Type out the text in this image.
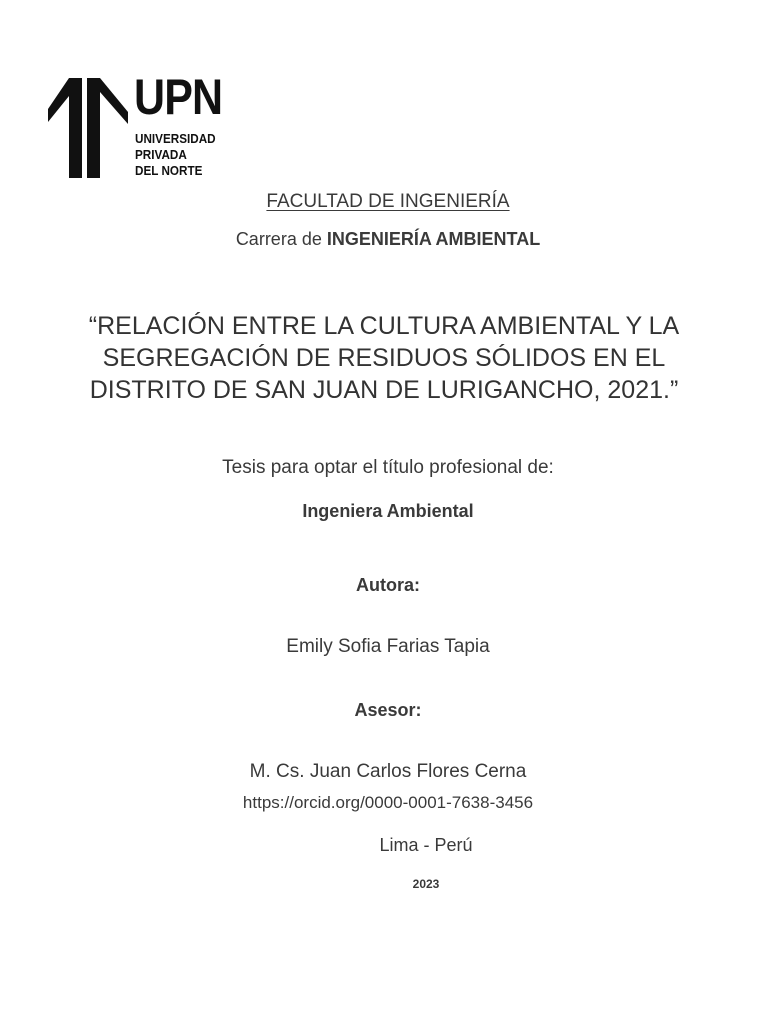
UPN
UNIVERSIDAD
PRIVADA
DEL NORTE
FACULTAD DE INGENIERÍA
Carrera de INGENIERÍA AMBIENTAL
“RELACIÓN ENTRE LA CULTURA AMBIENTAL Y LA
SEGREGACIÓN DE RESIDUOS SÓLIDOS EN EL
DISTRITO DE SAN JUAN DE LURIGANCHO, 2021.”
Tesis para optar el título profesional de:
Ingeniera Ambiental
Autora:
Emily Sofia Farias Tapia
Asesor:
M. Cs. Juan Carlos Flores Cerna
https://orcid.org/0000-0001-7638-3456
Lima - Perú
2023
